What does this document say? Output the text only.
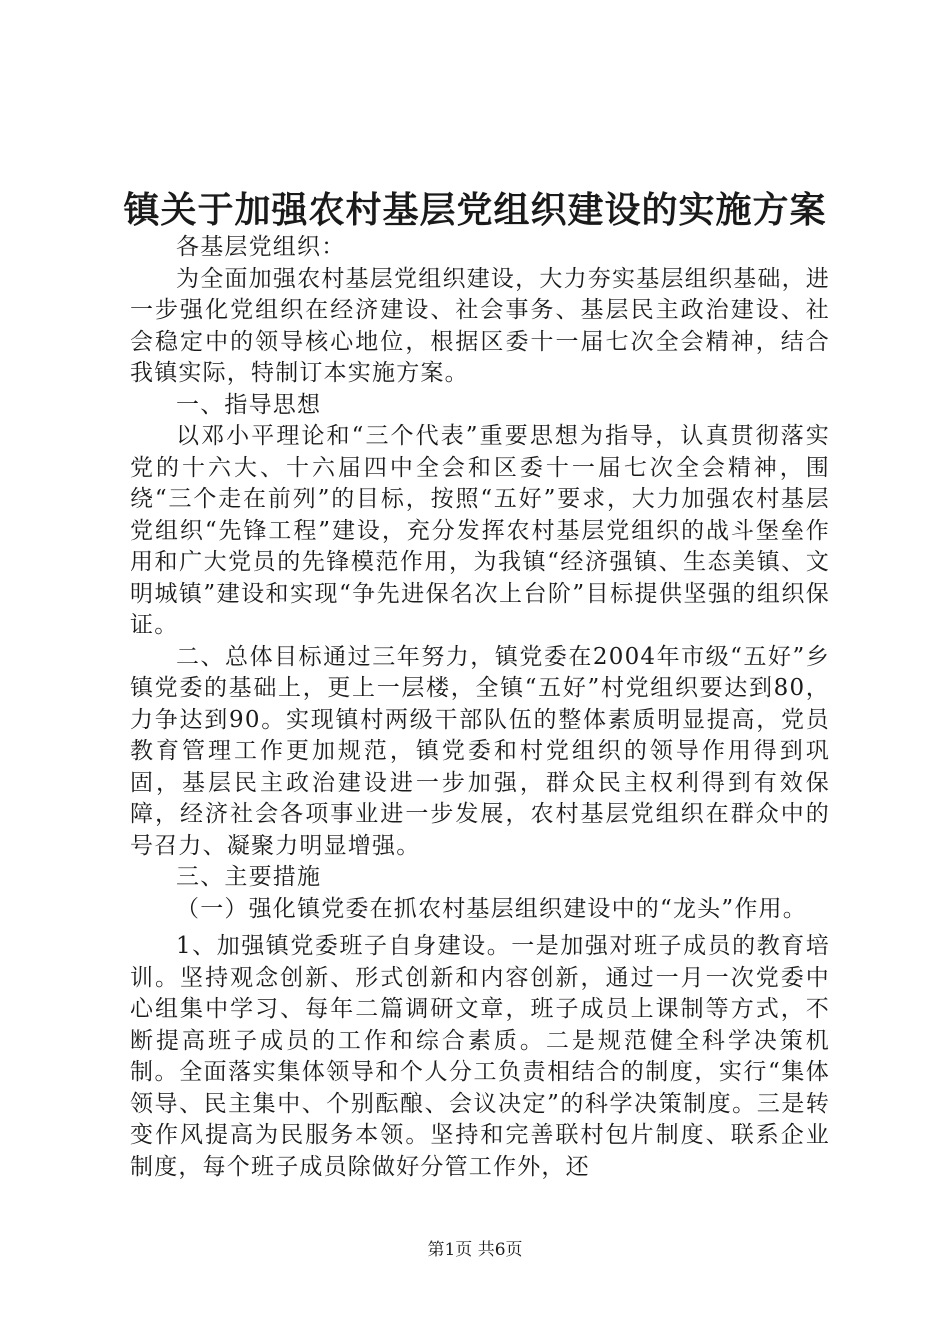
镇关于加强农村基层党组织建设的实施方案

各基层党组织：

为全面加强农村基层党组织建设，大力夯实基层组织基础，进一步强化党组织在经济建设、社会事务、基层民主政治建设、社会稳定中的领导核心地位，根据区委十一届七次全会精神，结合我镇实际，特制订本实施方案。

一、指导思想

以邓小平理论和“三个代表”重要思想为指导，认真贯彻落实党的十六大、十六届四中全会和区委十一届七次全会精神，围绕“三个走在前列”的目标，按照“五好”要求，大力加强农村基层党组织“先锋工程”建设，充分发挥农村基层党组织的战斗堡垒作用和广大党员的先锋模范作用，为我镇“经济强镇、生态美镇、文明城镇”建设和实现“争先进保名次上台阶”目标提供坚强的组织保证。

二、总体目标通过三年努力，镇党委在2004年市级“五好”乡镇党委的基础上，更上一层楼，全镇“五好”村党组织要达到80，力争达到90。实现镇村两级干部队伍的整体素质明显提高，党员教育管理工作更加规范，镇党委和村党组织的领导作用得到巩固，基层民主政治建设进一步加强，群众民主权利得到有效保障，经济社会各项事业进一步发展，农村基层党组织在群众中的号召力、凝聚力明显增强。

三、主要措施

（一）强化镇党委在抓农村基层组织建设中的“龙头”作用。

1、加强镇党委班子自身建设。一是加强对班子成员的教育培训。坚持观念创新、形式创新和内容创新，通过一月一次党委中心组集中学习、每年二篇调研文章，班子成员上课制等方式，不断提高班子成员的工作和综合素质。二是规范健全科学决策机制。全面落实集体领导和个人分工负责相结合的制度，实行“集体领导、民主集中、个别酝酿、会议决定”的科学决策制度。三是转变作风提高为民服务本领。坚持和完善联村包片制度、联系企业制度，每个班子成员除做好分管工作外，还

第1页 共6页
